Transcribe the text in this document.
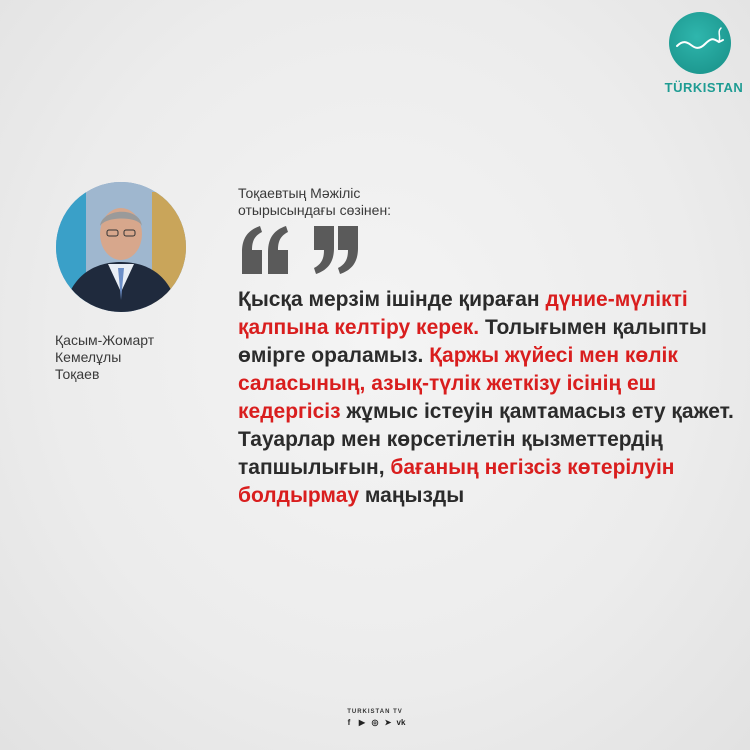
TÜRKISTAN
Қасым-Жомарт
Кемелұлы
Тоқаев
Тоқаевтың Мәжіліс
отырысындағы сөзінен:
Қысқа мерзім ішінде қираған дүние-мүлікті қалпына келтіру керек. Толығымен қалыпты өмірге ораламыз. Қаржы жүйесі мен көлік саласының, азық-түлік жеткізу ісінің еш кедергісіз жұмыс істеуін қамтамасыз ету қажет. Тауарлар мен көрсетілетін қызметтердің тапшылығын, бағаның негізсіз көтерілуін болдырмау маңызды
TURKISTAN TV
f	▶ ◎ ➤ vk
